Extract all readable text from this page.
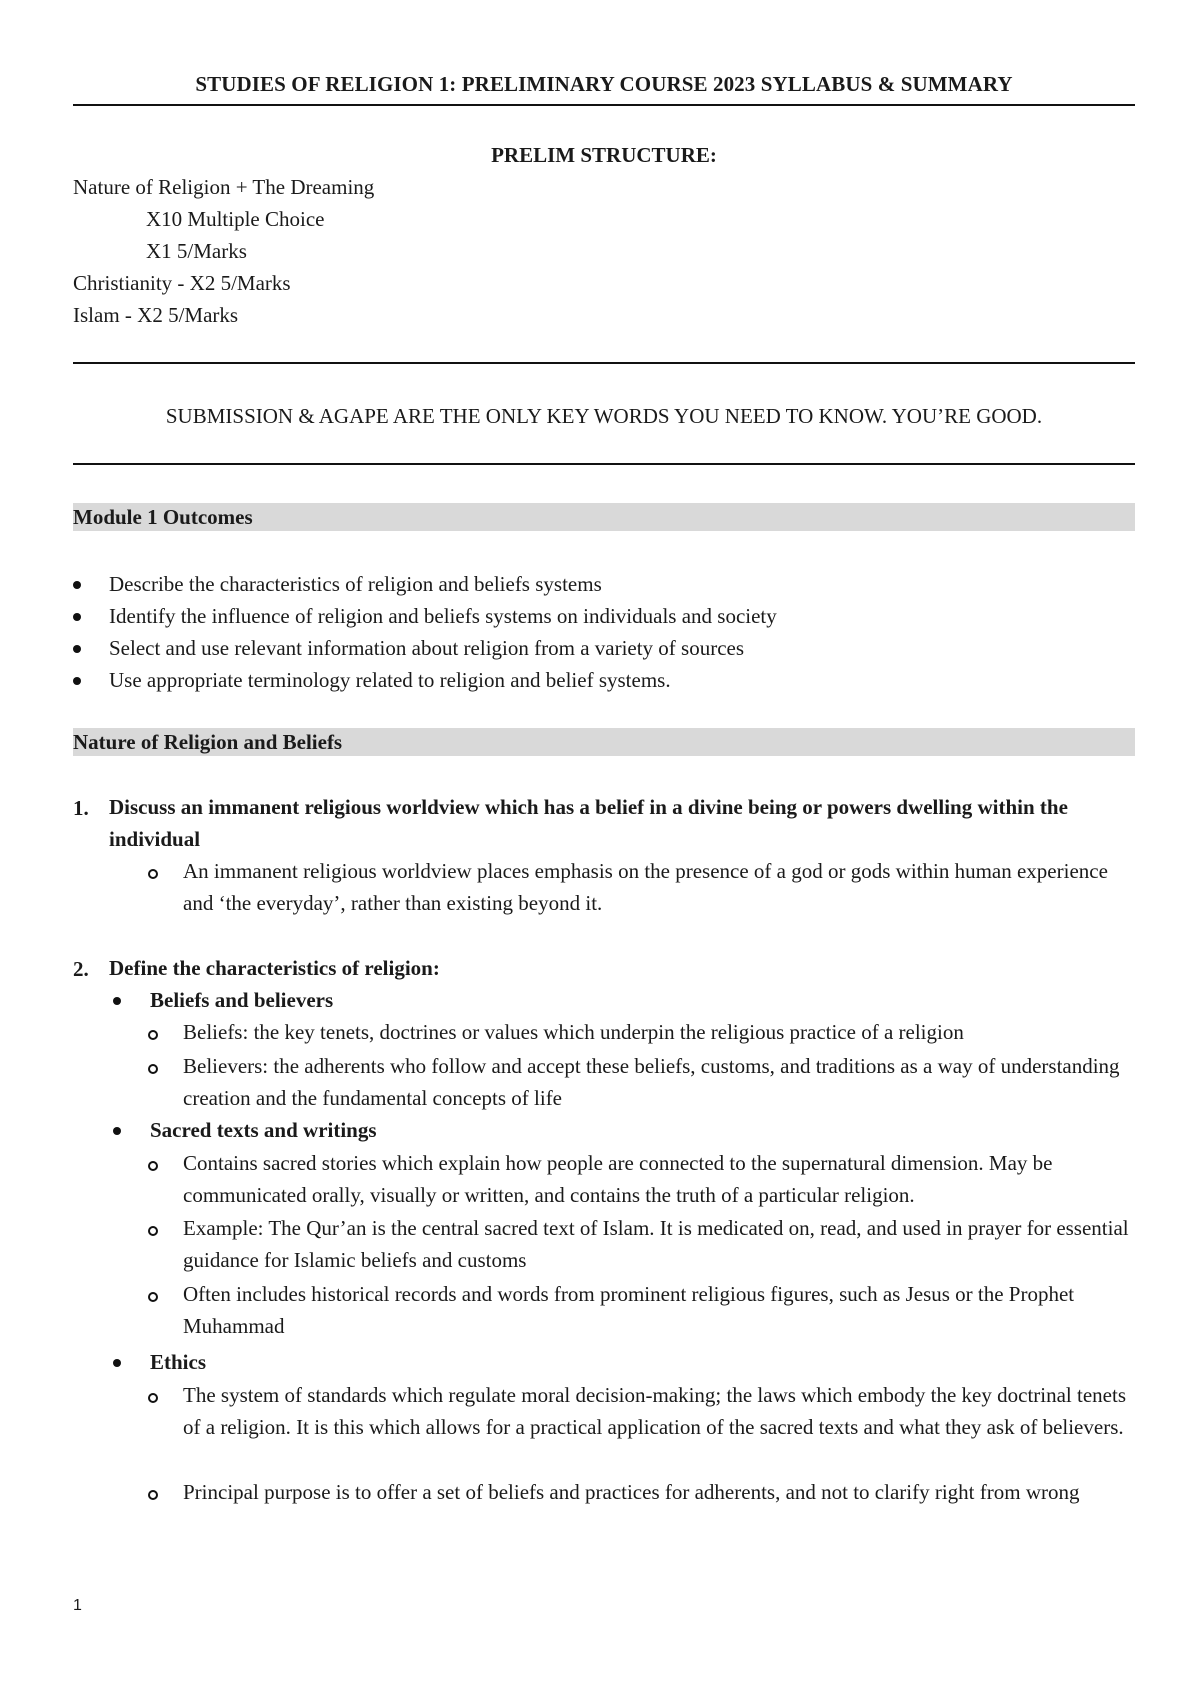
STUDIES OF RELIGION 1: PRELIMINARY COURSE 2023 SYLLABUS & SUMMARY
PRELIM STRUCTURE:
Nature of Religion + The Dreaming
X10 Multiple Choice
X1 5/Marks
Christianity - X2 5/Marks
Islam - X2 5/Marks
SUBMISSION & AGAPE ARE THE ONLY KEY WORDS YOU NEED TO KNOW. YOU’RE GOOD.
Module 1 Outcomes
Describe the characteristics of religion and beliefs systems
Identify the influence of religion and beliefs systems on individuals and society
Select and use relevant information about religion from a variety of sources
Use appropriate terminology related to religion and belief systems.
Nature of Religion and Beliefs
1. Discuss an immanent religious worldview which has a belief in a divine being or powers dwelling within the individual
An immanent religious worldview places emphasis on the presence of a god or gods within human experience and ‘the everyday’, rather than existing beyond it.
2. Define the characteristics of religion:
Beliefs and believers
Beliefs: the key tenets, doctrines or values which underpin the religious practice of a religion
Believers: the adherents who follow and accept these beliefs, customs, and traditions as a way of understanding creation and the fundamental concepts of life
Sacred texts and writings
Contains sacred stories which explain how people are connected to the supernatural dimension. May be communicated orally, visually or written, and contains the truth of a particular religion.
Example: The Qur’an is the central sacred text of Islam. It is medicated on, read, and used in prayer for essential guidance for Islamic beliefs and customs
Often includes historical records and words from prominent religious figures, such as Jesus or the Prophet Muhammad
Ethics
The system of standards which regulate moral decision-making; the laws which embody the key doctrinal tenets of a religion. It is this which allows for a practical application of the sacred texts and what they ask of believers.
Principal purpose is to offer a set of beliefs and practices for adherents, and not to clarify right from wrong
1
